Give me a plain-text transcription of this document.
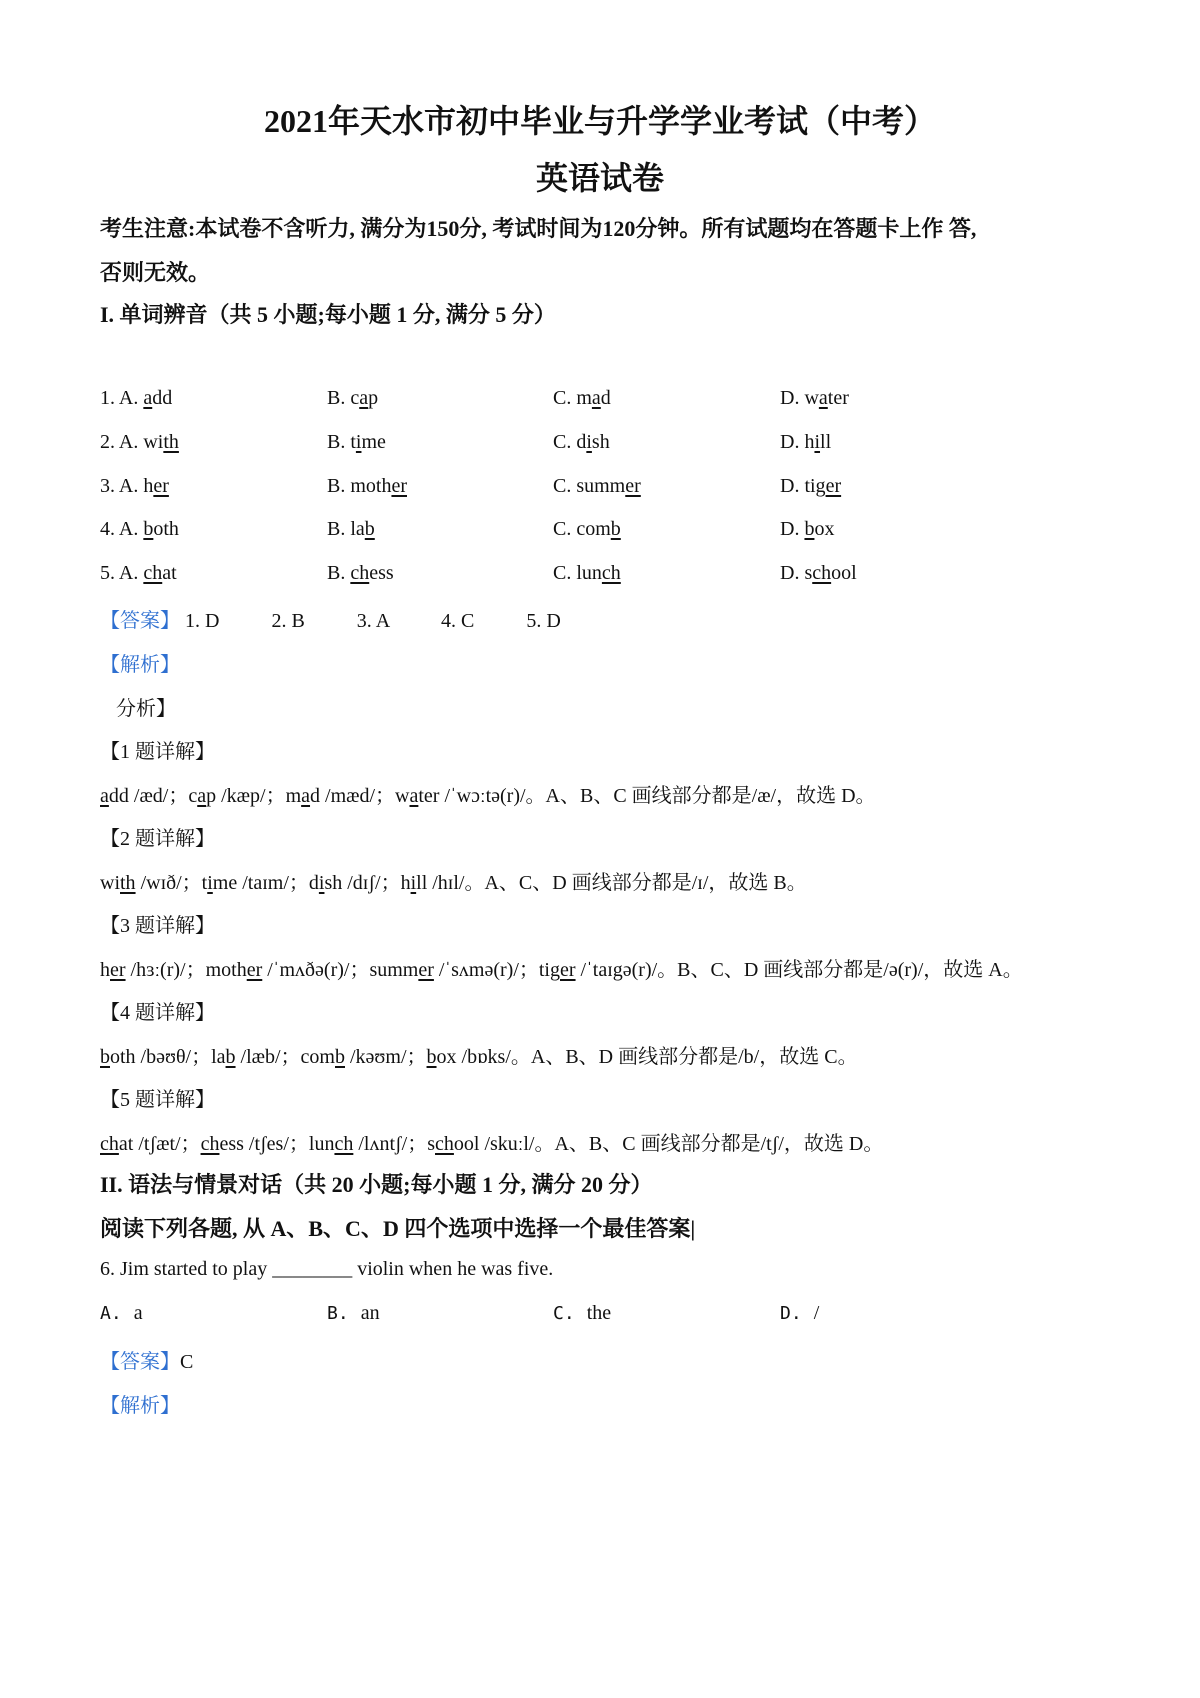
2021年天水市初中毕业与升学学业考试（中考）
英语试卷
考生注意:本试卷不含听力, 满分为150分, 考试时间为120分钟。所有试题均在答题卡上作 答,
否则无效。
I. 单词辨音（共 5 小题;每小题 1 分, 满分 5 分）
1. A. add	B. cap	C. mad	D. water
2. A. with	B. time	C. dish	D. hill
3. A. her	B. mother	C. summer	D. tiger
4. A. both	B. lab	C. comb	D. box
5. A. chat	B. chess	C. lunch	D. school
【答案】 1. D	2. B	3. A	4. C	5. D
【解析】
分析】
【1 题详解】
add /æd/；cap /kæp/；mad /mæd/；water /ˈwɔːtə(r)/。A、B、C 画线部分都是/æ/，故选 D。
【2 题详解】
with /wɪð/；time /taɪm/；dish /dɪʃ/；hill /hɪl/。A、C、D 画线部分都是/ɪ/，故选 B。
【3 题详解】
her /hɜː(r)/；mother /ˈmʌðə(r)/；summer /ˈsʌmə(r)/；tiger /ˈtaɪgə(r)/。B、C、D 画线部分都是/ə(r)/，故选 A。
【4 题详解】
both /bəʊθ/；lab /læb/；comb /kəʊm/；box /bɒks/。A、B、D 画线部分都是/b/，故选 C。
【5 题详解】
chat /tʃæt/；chess /tʃes/；lunch /lʌntʃ/；school /skuːl/。A、B、C 画线部分都是/tʃ/，故选 D。
II. 语法与情景对话（共 20 小题;每小题 1 分, 满分 20 分）
阅读下列各题, 从 A、B、C、D 四个选项中选择一个最佳答案|
6. Jim started to play ________ violin when he was five.
A. a	B. an	C. the	D. /
【答案】C
【解析】
